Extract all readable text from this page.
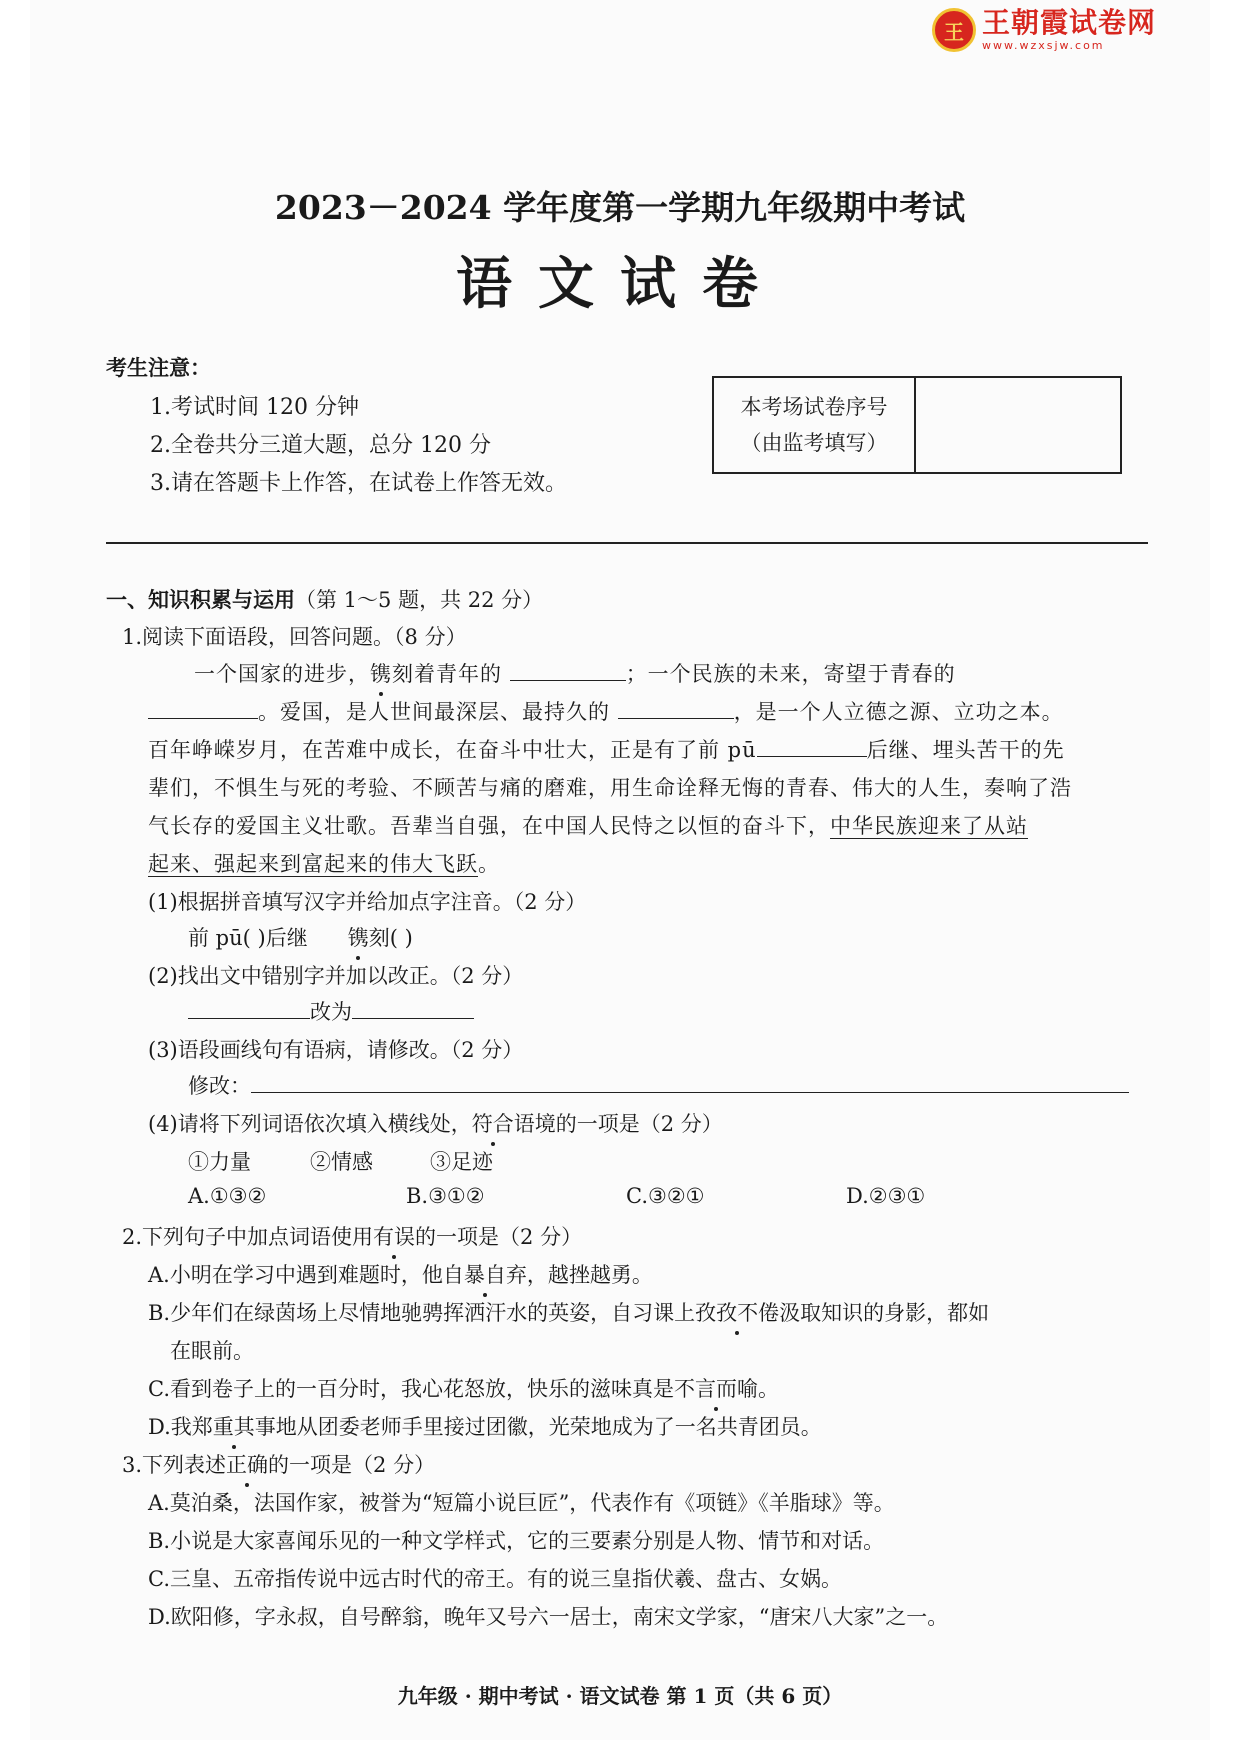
王 王朝霞试卷网
www.wzxsjw.com
2023－2024 学年度第一学期九年级期中考试
语文试卷
考生注意：
1.考试时间 120 分钟
2.全卷共分三道大题，总分 120 分
3.请在答题卡上作答，在试卷上作答无效。
本考场试卷序号
（由监考填写）
一、知识积累与运用（第 1～5 题，共 22 分）
1.阅读下面语段，回答问题。（8 分）
一个国家的进步，镌刻着青年的	；一个民族的未来，寄望于青春的
。爱国，是人世间最深层、最持久的	，是一个人立德之源、立功之本。
百年峥嵘岁月，在苦难中成长，在奋斗中壮大，正是有了前 pū	后继、埋头苦干的先
辈们，不惧生与死的考验、不顾苦与痛的磨难，用生命诠释无悔的青春、伟大的人生，奏响了浩
气长存的爱国主义壮歌。吾辈当自强，在中国人民恃之以恒的奋斗下，中华民族迎来了从站
起来、强起来到富起来的伟大飞跃。
(1)根据拼音填写汉字并给加点字注音。（2 分）
前 pū( )后继 镌刻( )
(2)找出文中错别字并加以改正。（2 分）
改为
(3)语段画线句有语病，请修改。（2 分）
修改：
(4)请将下列词语依次填入横线处，符合语境的一项是（2 分）
①力量	②情感	③足迹
A.①③②	B.③①②	C.③②①	D.②③①
2.下列句子中加点词语使用有误的一项是（2 分）
A.小明在学习中遇到难题时，他自暴自弃，越挫越勇。
B.少年们在绿茵场上尽情地驰骋挥洒汗水的英姿，自习课上孜孜不倦汲取知识的身影，都如
在眼前。
C.看到卷子上的一百分时，我心花怒放，快乐的滋味真是不言而喻。
D.我郑重其事地从团委老师手里接过团徽，光荣地成为了一名共青团员。
3.下列表述正确的一项是（2 分）
A.莫泊桑，法国作家，被誉为“短篇小说巨匠”，代表作有《项链》《羊脂球》等。
B.小说是大家喜闻乐见的一种文学样式，它的三要素分别是人物、情节和对话。
C.三皇、五帝指传说中远古时代的帝王。有的说三皇指伏羲、盘古、女娲。
D.欧阳修，字永叔，自号醉翁，晚年又号六一居士，南宋文学家，“唐宋八大家”之一。
九年级 · 期中考试 · 语文试卷 第 1 页（共 6 页）
